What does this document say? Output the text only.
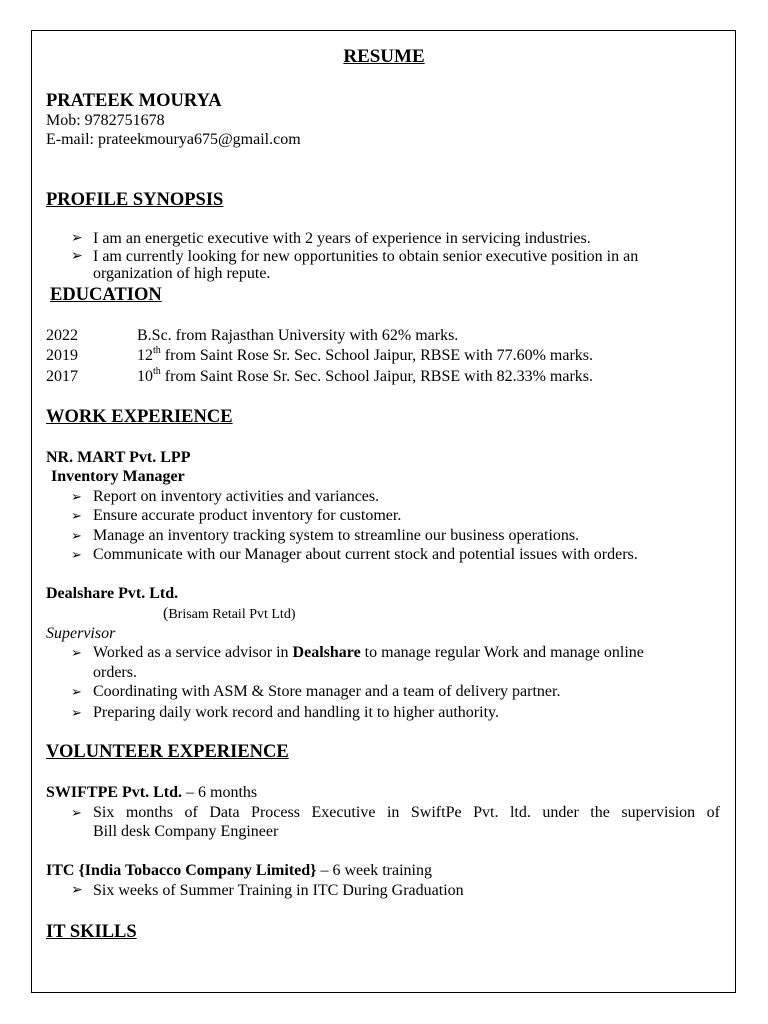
RESUME
PRATEEK MOURYA
Mob: 9782751678
E-mail: prateekmourya675@gmail.com
PROFILE SYNOPSIS
➢ I am an energetic executive with 2 years of experience in servicing industries.
➢ I am currently looking for new opportunities to obtain senior executive position in an
organization of high repute.
EDUCATION
2022	B.Sc. from Rajasthan University with 62% marks.
2019	12th from Saint Rose Sr. Sec. School Jaipur, RBSE with 77.60% marks.
2017	10th from Saint Rose Sr. Sec. School Jaipur, RBSE with 82.33% marks.
WORK EXPERIENCE
NR. MART Pvt. LPP
Inventory Manager
➢ Report on inventory activities and variances.
➢ Ensure accurate product inventory for customer.
➢ Manage an inventory tracking system to streamline our business operations.
➢ Communicate with our Manager about current stock and potential issues with orders.
Dealshare Pvt. Ltd.
(Brisam Retail Pvt Ltd)
Supervisor
➢ Worked as a service advisor in Dealshare to manage regular Work and manage online
orders.
➢ Coordinating with ASM & Store manager and a team of delivery partner.
➢ Preparing daily work record and handling it to higher authority.
VOLUNTEER EXPERIENCE
SWIFTPE Pvt. Ltd. – 6 months
➢ Six months of Data Process Executive in SwiftPe Pvt. ltd. under the supervision of
Bill desk Company Engineer
ITC {India Tobacco Company Limited} – 6 week training
➢ Six weeks of Summer Training in ITC During Graduation
IT SKILLS
